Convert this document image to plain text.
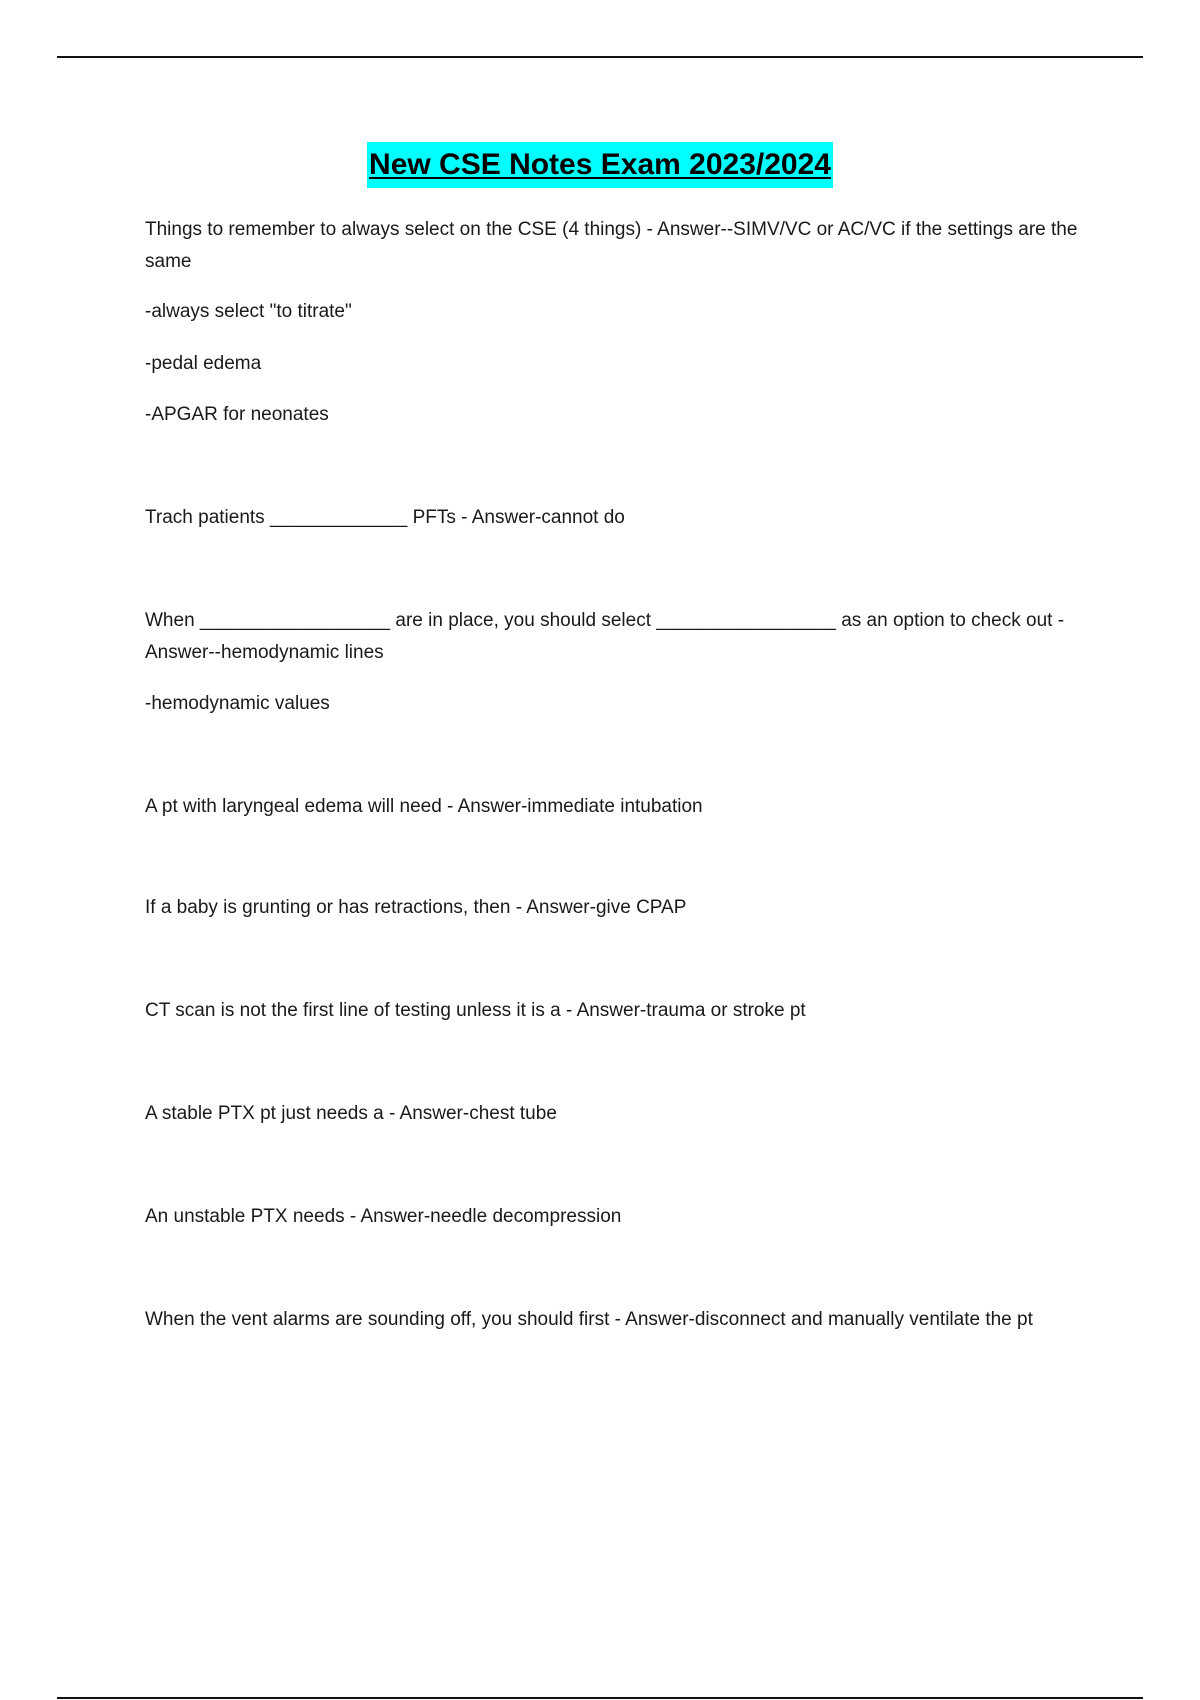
New CSE Notes Exam 2023/2024

Things to remember to always select on the CSE (4 things) - Answer--SIMV/VC or AC/VC if the settings are the same

-always select "to titrate"

-pedal edema

-APGAR for neonates

Trach patients _____________ PFTs - Answer-cannot do

When __________________ are in place, you should select _________________ as an option to check out - Answer--hemodynamic lines

-hemodynamic values

A pt with laryngeal edema will need - Answer-immediate intubation

If a baby is grunting or has retractions, then - Answer-give CPAP

CT scan is not the first line of testing unless it is a - Answer-trauma or stroke pt

A stable PTX pt just needs a - Answer-chest tube

An unstable PTX needs - Answer-needle decompression

When the vent alarms are sounding off, you should first - Answer-disconnect and manually ventilate the pt
